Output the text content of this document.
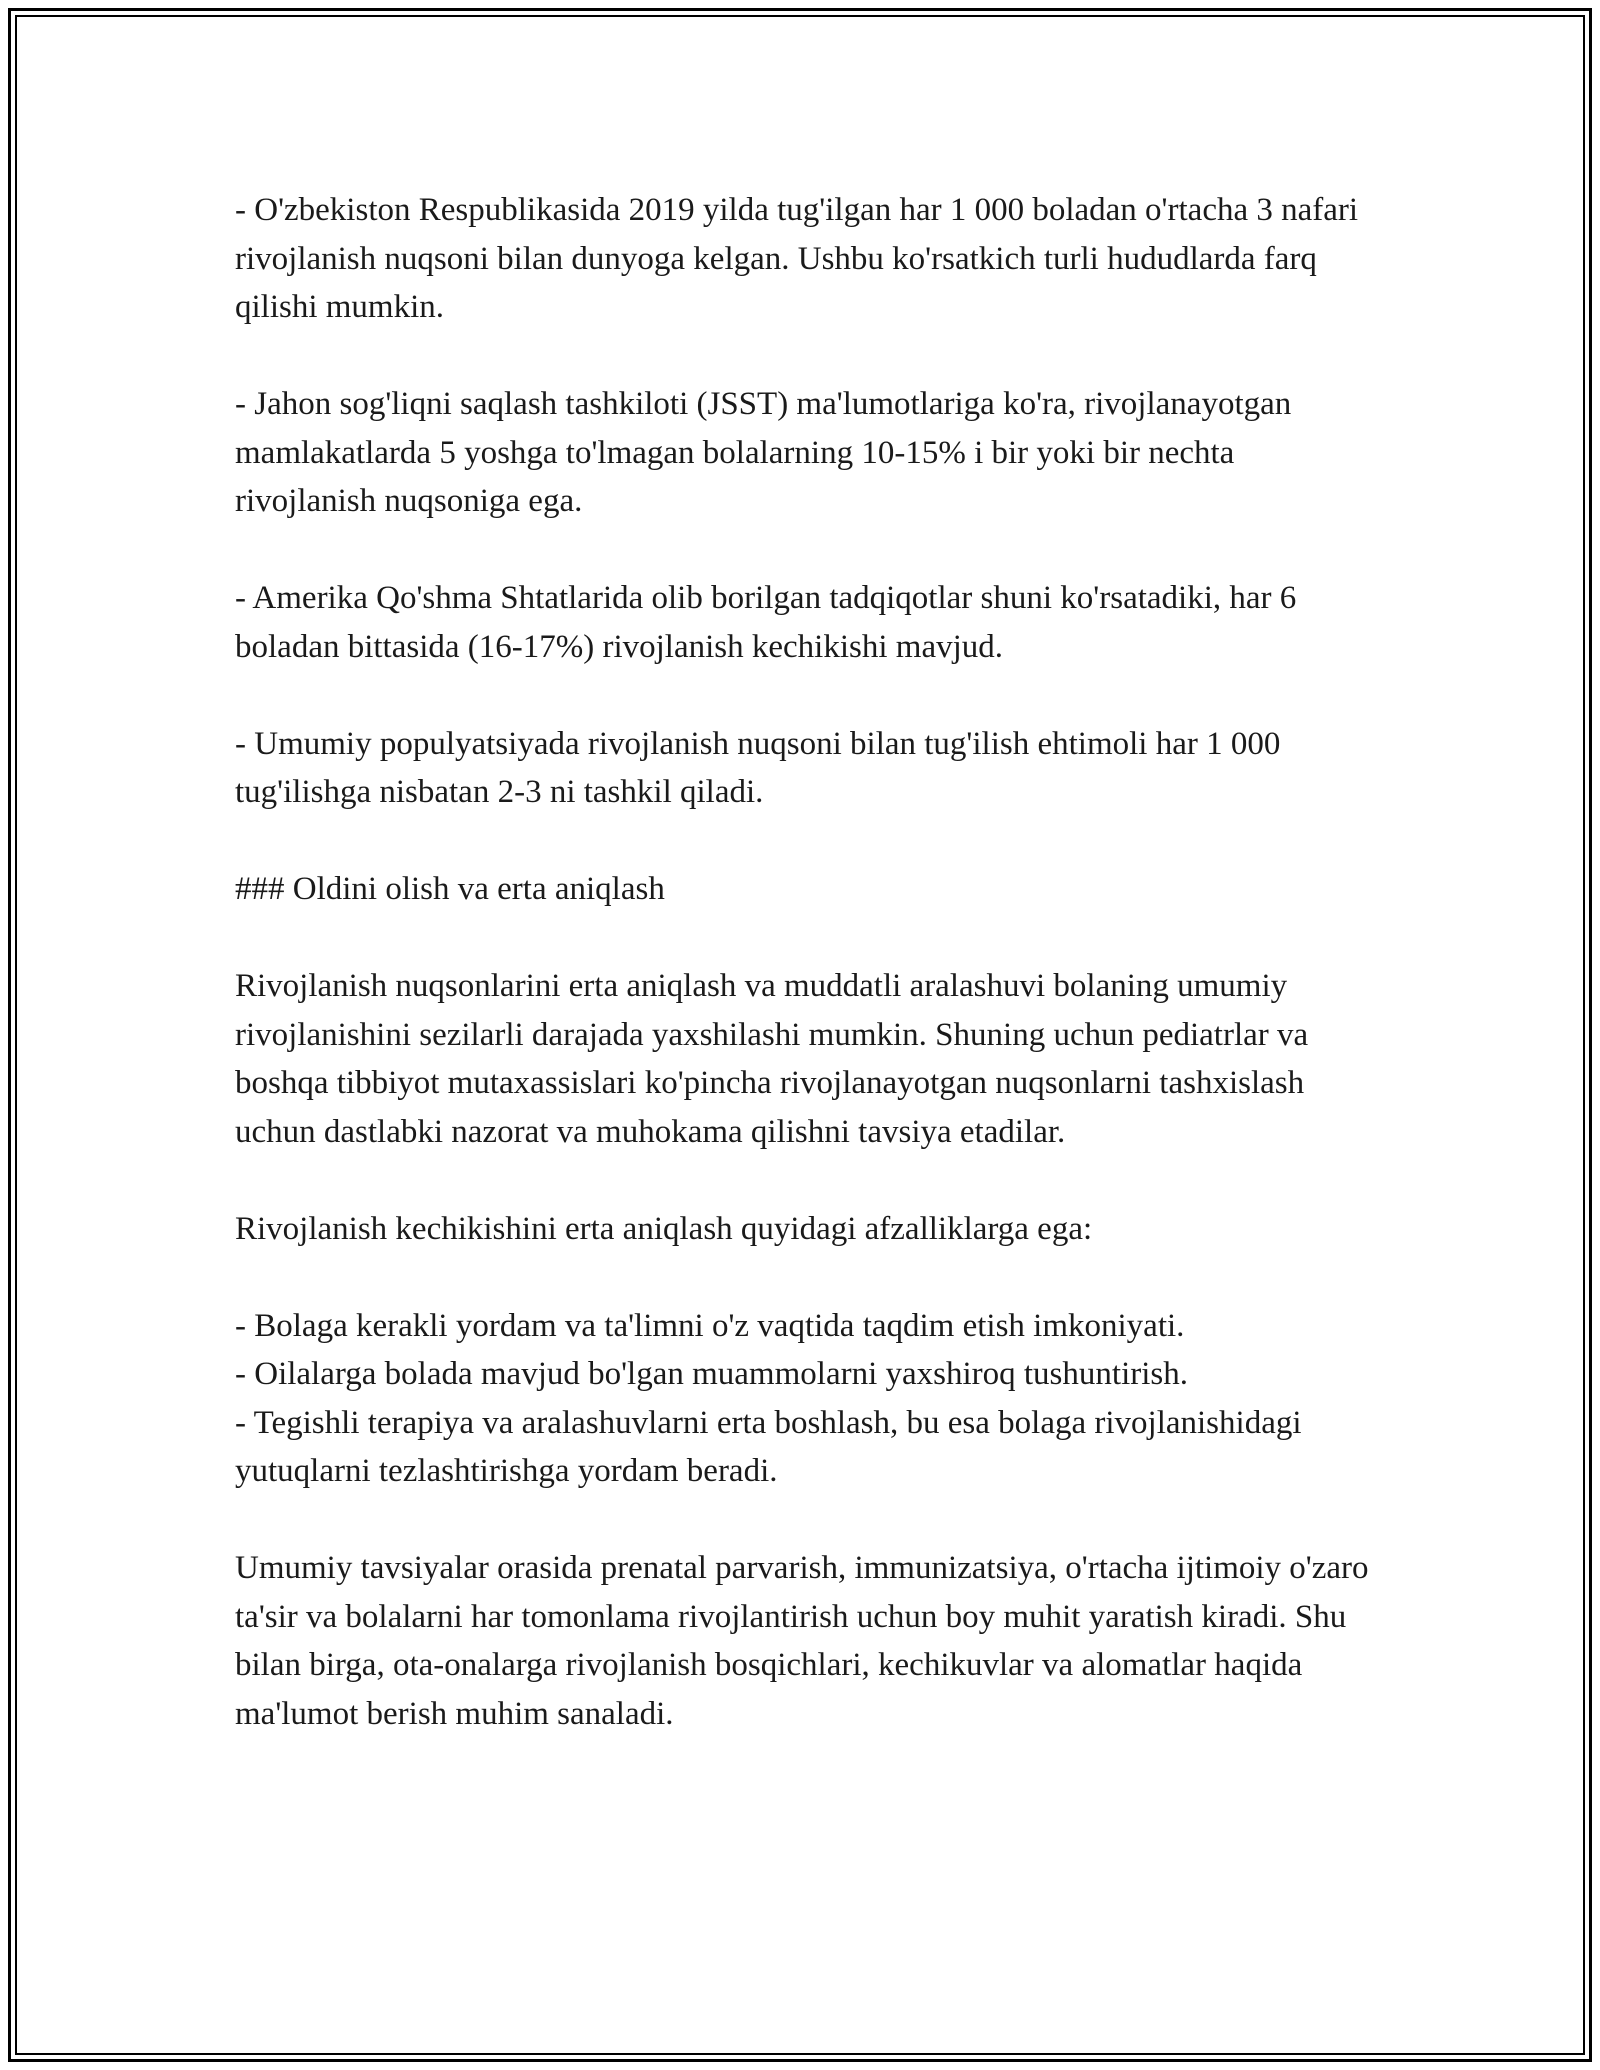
- O'zbekiston Respublikasida 2019 yilda tug'ilgan har 1 000 boladan o'rtacha 3 nafari rivojlanish nuqsoni bilan dunyoga kelgan. Ushbu ko'rsatkich turli hududlarda farq qilishi mumkin.

- Jahon sog'liqni saqlash tashkiloti (JSST) ma'lumotlariga ko'ra, rivojlanayotgan mamlakatlarda 5 yoshga to'lmagan bolalarning 10-15% i bir yoki bir nechta rivojlanish nuqsoniga ega.

- Amerika Qo'shma Shtatlarida olib borilgan tadqiqotlar shuni ko'rsatadiki, har 6 boladan bittasida (16-17%) rivojlanish kechikishi mavjud.

- Umumiy populyatsiyada rivojlanish nuqsoni bilan tug'ilish ehtimoli har 1 000 tug'ilishga nisbatan 2-3 ni tashkil qiladi.

### Oldini olish va erta aniqlash

Rivojlanish nuqsonlarini erta aniqlash va muddatli aralashuvi bolaning umumiy rivojlanishini sezilarli darajada yaxshilashi mumkin. Shuning uchun pediatrlar va boshqa tibbiyot mutaxassislari ko'pincha rivojlanayotgan nuqsonlarni tashxislash uchun dastlabki nazorat va muhokama qilishni tavsiya etadilar.

Rivojlanish kechikishini erta aniqlash quyidagi afzalliklarga ega:

- Bolaga kerakli yordam va ta'limni o'z vaqtida taqdim etish imkoniyati.

- Oilalarga bolada mavjud bo'lgan muammolarni yaxshiroq tushuntirish.

- Tegishli terapiya va aralashuvlarni erta boshlash, bu esa bolaga rivojlanishidagi yutuqlarni tezlashtirishga yordam beradi.

Umumiy tavsiyalar orasida prenatal parvarish, immunizatsiya, o'rtacha ijtimoiy o'zaro ta'sir va bolalarni har tomonlama rivojlantirish uchun boy muhit yaratish kiradi. Shu bilan birga, ota-onalarga rivojlanish bosqichlari, kechikuvlar va alomatlar haqida ma'lumot berish muhim sanaladi.
